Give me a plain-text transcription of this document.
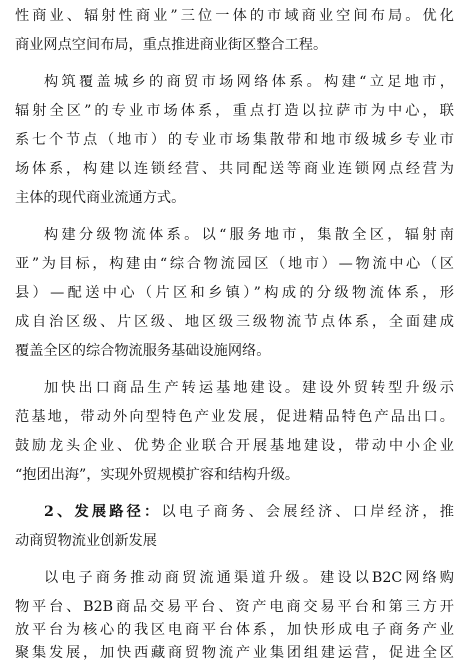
性商业、辐射性商业”三位一体的市域商业空间布局。优化
商业网点空间布局，重点推进商业街区整合工程。
构筑覆盖城乡的商贸市场网络体系。构建“立足地市，
辐射全区”的专业市场体系，重点打造以拉萨市为中心，联
系七个节点（地市）的专业市场集散带和地市级城乡专业市
场体系，构建以连锁经营、共同配送等商业连锁网点经营为
主体的现代商业流通方式。
构建分级物流体系。以“服务地市，集散全区，辐射南
亚”为目标，构建由“综合物流园区（地市）—物流中心（区
县）—配送中心（片区和乡镇）”构成的分级物流体系，形
成自治区级、片区级、地区级三级物流节点体系，全面建成
覆盖全区的综合物流服务基础设施网络。
加快出口商品生产转运基地建设。建设外贸转型升级示
范基地，带动外向型特色产业发展，促进精品特色产品出口。
鼓励龙头企业、优势企业联合开展基地建设，带动中小企业
“抱团出海”，实现外贸规模扩容和结构升级。
2、发展路径：以电子商务、会展经济、口岸经济，推
动商贸物流业创新发展
以电子商务推动商贸流通渠道升级。建设以B2C网络购
物平台、B2B商品交易平台、资产电商交易平台和第三方开
放平台为核心的我区电商平台体系，加快形成电子商务产业
聚集发展，加快西藏商贸物流产业集团组建运营，促进全区
